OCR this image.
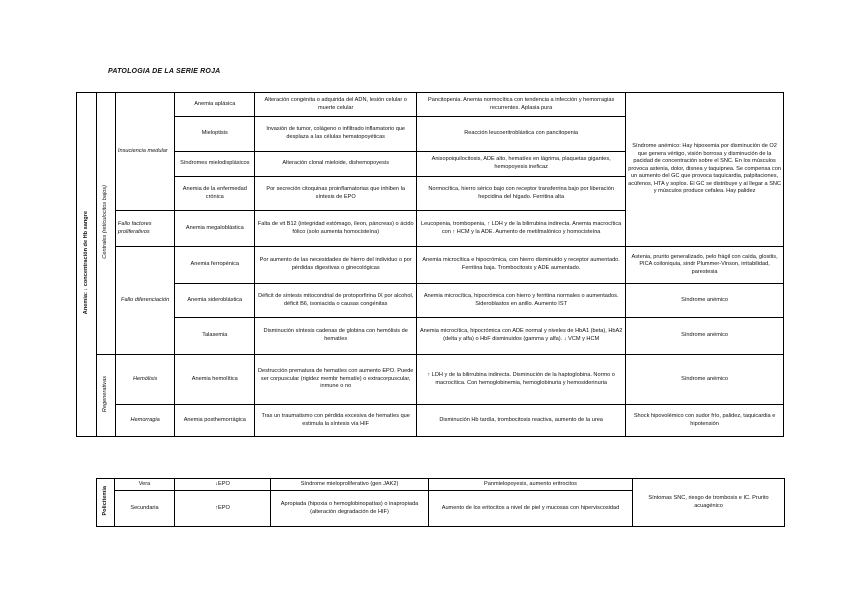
PATOLOGIA DE LA SERIE ROJA
Anemia: ↓ concentración de Hb sangre	Centrales (reticulocitos bajos)	Insuciencia medular	Anemia aplásica	Alteración congénita o adquirida del ADN, lesión celular o muerte celular	Pancitopenia. Anemia normocítica con tendencia a infección y hemorragias recurrentes. Aplasia pura	Síndrome anémico: Hay hipoxemia por disminución de O2 que genera vértigo, visión borrosa y disminución de la pacidad de concentración sobre el SNC. En los músculos provoca astenia, dolor, disnea y taquipnea. Se compensa con un aumento del GC que provoca taquicardia, palpitaciones, acúfenos, HTA y soplos. El GC se distribuye y al llegar a SNC y músculos produce cefalea. Hay palidez
			Mieloptisis	Invasión de tumor, colágeno o infiltrado inflamatorio que desplaza a las células hematopoyéticas	Reacción leucoeritroblástica con pancitopenia	
			Síndromes mielodisplásicos	Alteración clonal mieloide, dishemopoyesis	Anisopoiquilocitosis, ADE alto, hematíes en lágrima, plaquetas gigantes, hemopoyesis ineficaz	
			Anemia de la enfermedad crónica	Por secreción citoquinas proinflamatorias que inhiben la síntesis de EPO	Normocítica, hierro sérico bajo con receptor transferrina bajo por liberación hepcidina del hígado. Ferritina alta	
		Fallo factores proliferativos	Anemia megaloblástica	Falta de vit B12 (integridad estómago, íleon, páncreas) o ácido fólico (solo aumenta homocisteína)	Leucopenia, trombopenia, ↑ LDH y de la bilirrubina indirecta. Anemia macrocítica con ↑ HCM y la ADE. Aumento de metilmalónico y homocisteína	
		Fallo diferenciación	Anemia ferropénica	Por aumento de las necesidades de hierro del individuo o por pérdidas digestivas o ginecológicas	Anemia microcítica e hipocrómica, con hierro disminuido y receptor aumentado. Ferritina baja. Trombocitosis y ADE aumentado.	Astenia, prurito generalizado, pelo frágil con caída, glositis, PICA coiloniquia, sindr Plummer-Vinson, irritabilidad, parestesia
			Anemia sideroblástica	Déficit de síntesis mitocondrial de protoporfirina IX por alcohol, déficit B6, isoniacida o causas congénitas	Anemia microcítica, hipocrómica con hierro y ferritina normales o aumentados. Sideroblastos en anillo. Aumento IST	Síndrome anémico
			Talasemia	Disminución síntesis cadenas de globina con hemólisis de hematíes	Anemia microcítica, hipocrómica con ADE normal y niveles de HbA1 (beta), HbA2 (delta y alfa) o HbF disminuidos (gamma y alfa). ↓ VCM y HCM	Síndrome anémico
	Regenerativas	Hemólisis	Anemia hemolítica	Destrucción prematura de hematíes con aumento EPO. Puede ser corpuscular (rigidez membr hematíe) o extracorpuscular, inmune o no	↑ LDH y de la bilirrubina indirecta. Disminución de la haptoglobina. Normo o macrocítica. Con hemoglobinemia, hemoglobinuria y hemosiderinuria	Síndrome anémico
		Hemorragia	Anemia posthemorrágica	Tras un traumatismo con pérdida excesiva de hematíes que estimula la síntesis vía HIF	Disminución Hb tardía, trombocitosis reactiva, aumento de la urea	Shock hipovolémico con sudor frío, palidez, taquicardia e hipotensión
Policitemia	Vera	↓EPO	Síndrome mieloproliferativo (gen JAK2)	Panmielopoyesis, aumento eritrocitos	Síntomas SNC, riesgo de trombosis e IC. Prurito acuagénico
	Secundaria	↑EPO	Apropiada (hipoxia o hemoglobinopatías) o inapropiada (alteración degradación de HIF)	Aumento de los eritocitos a nivel de piel y mucosas con hiperviscosidad	
